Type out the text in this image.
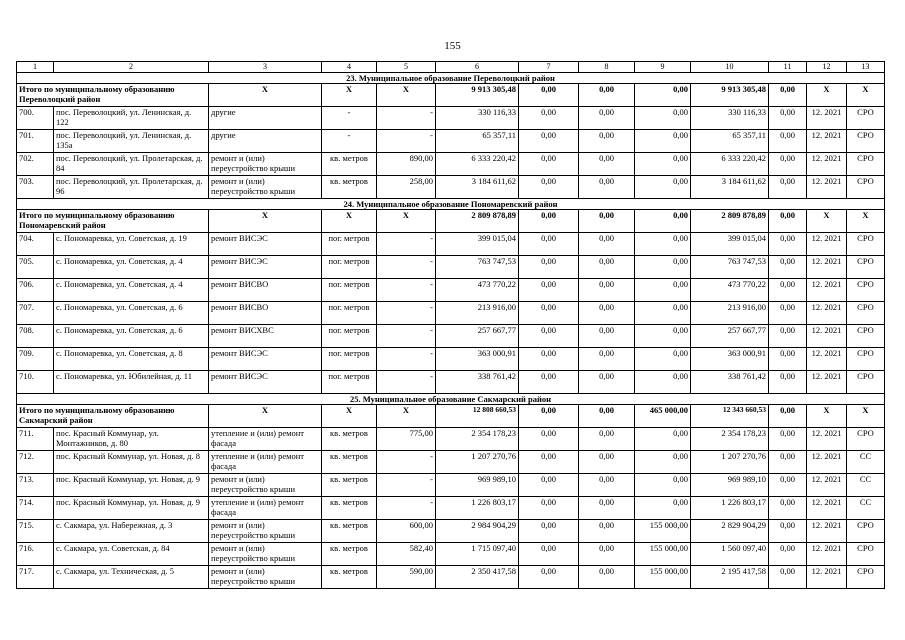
155
1	2	3	4	5	6	7	8	9	10	11	12	13
23. Муниципальное образование Переволоцкий район												
Итого по муниципальному образованию Переволоцкий район		X	X	X	9 913 305,48	0,00	0,00	0,00	9 913 305,48	0,00	X	X
700.	пос. Переволоцкий, ул. Ленинская, д. 122	другие	-	-	330 116,33	0,00	0,00	0,00	330 116,33	0,00	12. 2021	СРО
701.	пос. Переволоцкий, ул. Ленинская, д. 135а	другие	-	-	65 357,11	0,00	0,00	0,00	65 357,11	0,00	12. 2021	СРО
702.	пос. Переволоцкий, ул. Пролетарская, д. 84	ремонт и (или) переустройство крыши	кв. метров	890,00	6 333 220,42	0,00	0,00	0,00	6 333 220,42	0,00	12. 2021	СРО
703.	пос. Переволоцкий, ул. Пролетарская, д. 96	ремонт и (или) переустройство крыши	кв. метров	258,00	3 184 611,62	0,00	0,00	0,00	3 184 611,62	0,00	12. 2021	СРО
24. Муниципальное образование Пономаревский район												
Итого по муниципальному образованию Пономаревский район		X	X	X	2 809 878,89	0,00	0,00	0,00	2 809 878,89	0,00	X	X
704.	с. Пономаревка, ул. Советская, д. 19	ремонт ВИСЭС	пог. метров	-	399 015,04	0,00	0,00	0,00	399 015,04	0,00	12. 2021	СРО
705.	с. Пономаревка, ул. Советская, д. 4	ремонт ВИСЭС	пог. метров	-	763 747,53	0,00	0,00	0,00	763 747,53	0,00	12. 2021	СРО
706.	с. Пономаревка, ул. Советская, д. 4	ремонт ВИСВО	пог. метров	-	473 770,22	0,00	0,00	0,00	473 770,22	0,00	12. 2021	СРО
707.	с. Пономаревка, ул. Советская, д. 6	ремонт ВИСВО	пог. метров	-	213 916,00	0,00	0,00	0,00	213 916,00	0,00	12. 2021	СРО
708.	с. Пономаревка, ул. Советская, д. 6	ремонт ВИСХВС	пог. метров	-	257 667,77	0,00	0,00	0,00	257 667,77	0,00	12. 2021	СРО
709.	с. Пономаревка, ул. Советская, д. 8	ремонт ВИСЭС	пог. метров	-	363 000,91	0,00	0,00	0,00	363 000,91	0,00	12. 2021	СРО
710.	с. Пономаревка, ул. Юбилейная, д. 11	ремонт ВИСЭС	пог. метров	-	338 761,42	0,00	0,00	0,00	338 761,42	0,00	12. 2021	СРО
25. Муниципальное образование Сакмарский район												
Итого по муниципальному образованию Сакмарский район		X	X	X	12 808 660,53	0,00	0,00	465 000,00	12 343 660,53	0,00	X	X
711.	пос. Красный Коммунар, ул. Монтажников, д. 80	утепление и (или) ремонт фасада	кв. метров	775,00	2 354 178,23	0,00	0,00	0,00	2 354 178,23	0,00	12. 2021	СРО
712.	пос. Красный Коммунар, ул. Новая, д. 8	утепление и (или) ремонт фасада	кв. метров	-	1 207 270,76	0,00	0,00	0,00	1 207 270,76	0,00	12. 2021	СС
713.	пос. Красный Коммунар, ул. Новая, д. 9	ремонт и (или) переустройство крыши	кв. метров	-	969 989,10	0,00	0,00	0,00	969 989,10	0,00	12. 2021	СС
714.	пос. Красный Коммунар, ул. Новая, д. 9	утепление и (или) ремонт фасада	кв. метров	-	1 226 803,17	0,00	0,00	0,00	1 226 803,17	0,00	12. 2021	СС
715.	с. Сакмара, ул. Набережная, д. 3	ремонт и (или) переустройство крыши	кв. метров	600,00	2 984 904,29	0,00	0,00	155 000,00	2 829 904,29	0,00	12. 2021	СРО
716.	с. Сакмара, ул. Советская, д. 84	ремонт и (или) переустройство крыши	кв. метров	582,40	1 715 097,40	0,00	0,00	155 000,00	1 560 097,40	0,00	12. 2021	СРО
717.	с. Сакмара, ул. Техническая, д. 5	ремонт и (или) переустройство крыши	кв. метров	590,00	2 350 417,58	0,00	0,00	155 000,00	2 195 417,58	0,00	12. 2021	СРО
